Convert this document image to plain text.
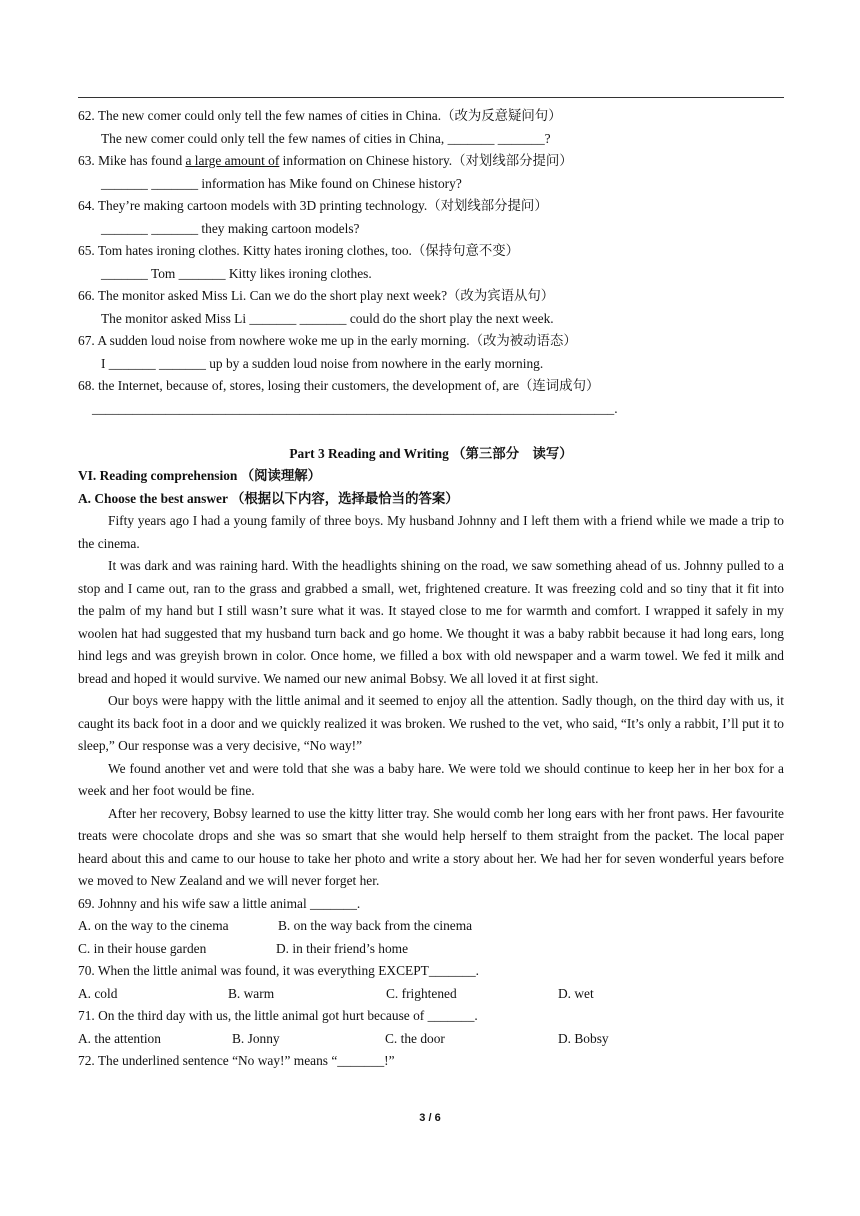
62. The new comer could only tell the few names of cities in China.（改为反意疑问句）
The new comer could only tell the few names of cities in China, _______ _______?
63. Mike has found a large amount of information on Chinese history.（对划线部分提问）
_______ _______ information has Mike found on Chinese history?
64. They’re making cartoon models with 3D printing technology.（对划线部分提问）
_______ _______ they making cartoon models?
65. Tom hates ironing clothes. Kitty hates ironing clothes, too.（保持句意不变）
_______ Tom _______ Kitty likes ironing clothes.
66. The monitor asked Miss Li. Can we do the short play next week?（改为宾语从句）
The monitor asked Miss Li _______ _______ could do the short play the next week.
67. A sudden loud noise from nowhere woke me up in the early morning.（改为被动语态）
I _______ _______ up by a sudden loud noise from nowhere in the early morning.
68. the Internet, because of, stores, losing their customers, the development of, are（连词成句）
______________________________________________________________________________.
Part 3 Reading and Writing （第三部分　读写）
VI. Reading comprehension （阅读理解）
A. Choose the best answer （根据以下内容，选择最恰当的答案）
Fifty years ago I had a young family of three boys. My husband Johnny and I left them with a friend while we made a trip to the cinema.
It was dark and was raining hard. With the headlights shining on the road, we saw something ahead of us. Johnny pulled to a stop and I came out, ran to the grass and grabbed a small, wet, frightened creature. It was freezing cold and so tiny that it fit into the palm of my hand but I still wasn’t sure what it was. It stayed close to me for warmth and comfort. I wrapped it safely in my woolen hat had suggested that my husband turn back and go home. We thought it was a baby rabbit because it had long ears, long hind legs and was greyish brown in color. Once home, we filled a box with old newspaper and a warm towel. We fed it milk and bread and hoped it would survive. We named our new animal Bobsy. We all loved it at first sight.
Our boys were happy with the little animal and it seemed to enjoy all the attention. Sadly though, on the third day with us, it caught its back foot in a door and we quickly realized it was broken. We rushed to the vet, who said, “It’s only a rabbit, I’ll put it to sleep,” Our response was a very decisive, “No way!”
We found another vet and were told that she was a baby hare. We were told we should continue to keep her in her box for a week and her foot would be fine.
After her recovery, Bobsy learned to use the kitty litter tray. She would comb her long ears with her front paws. Her favourite treats were chocolate drops and she was so smart that she would help herself to them straight from the packet. The local paper heard about this and came to our house to take her photo and write a story about her. We had her for seven wonderful years before we moved to New Zealand and we will never forget her.
69. Johnny and his wife saw a little animal _______.
A. on the way to the cinema	B. on the way back from the cinema
C. in their house garden	D. in their friend’s home
70. When the little animal was found, it was everything EXCEPT_______.
A. cold	B. warm	C. frightened	D. wet
71. On the third day with us, the little animal got hurt because of _______.
A. the attention	B. Jonny	C. the door	D. Bobsy
72. The underlined sentence “No way!” means “_______!”
3 / 6
